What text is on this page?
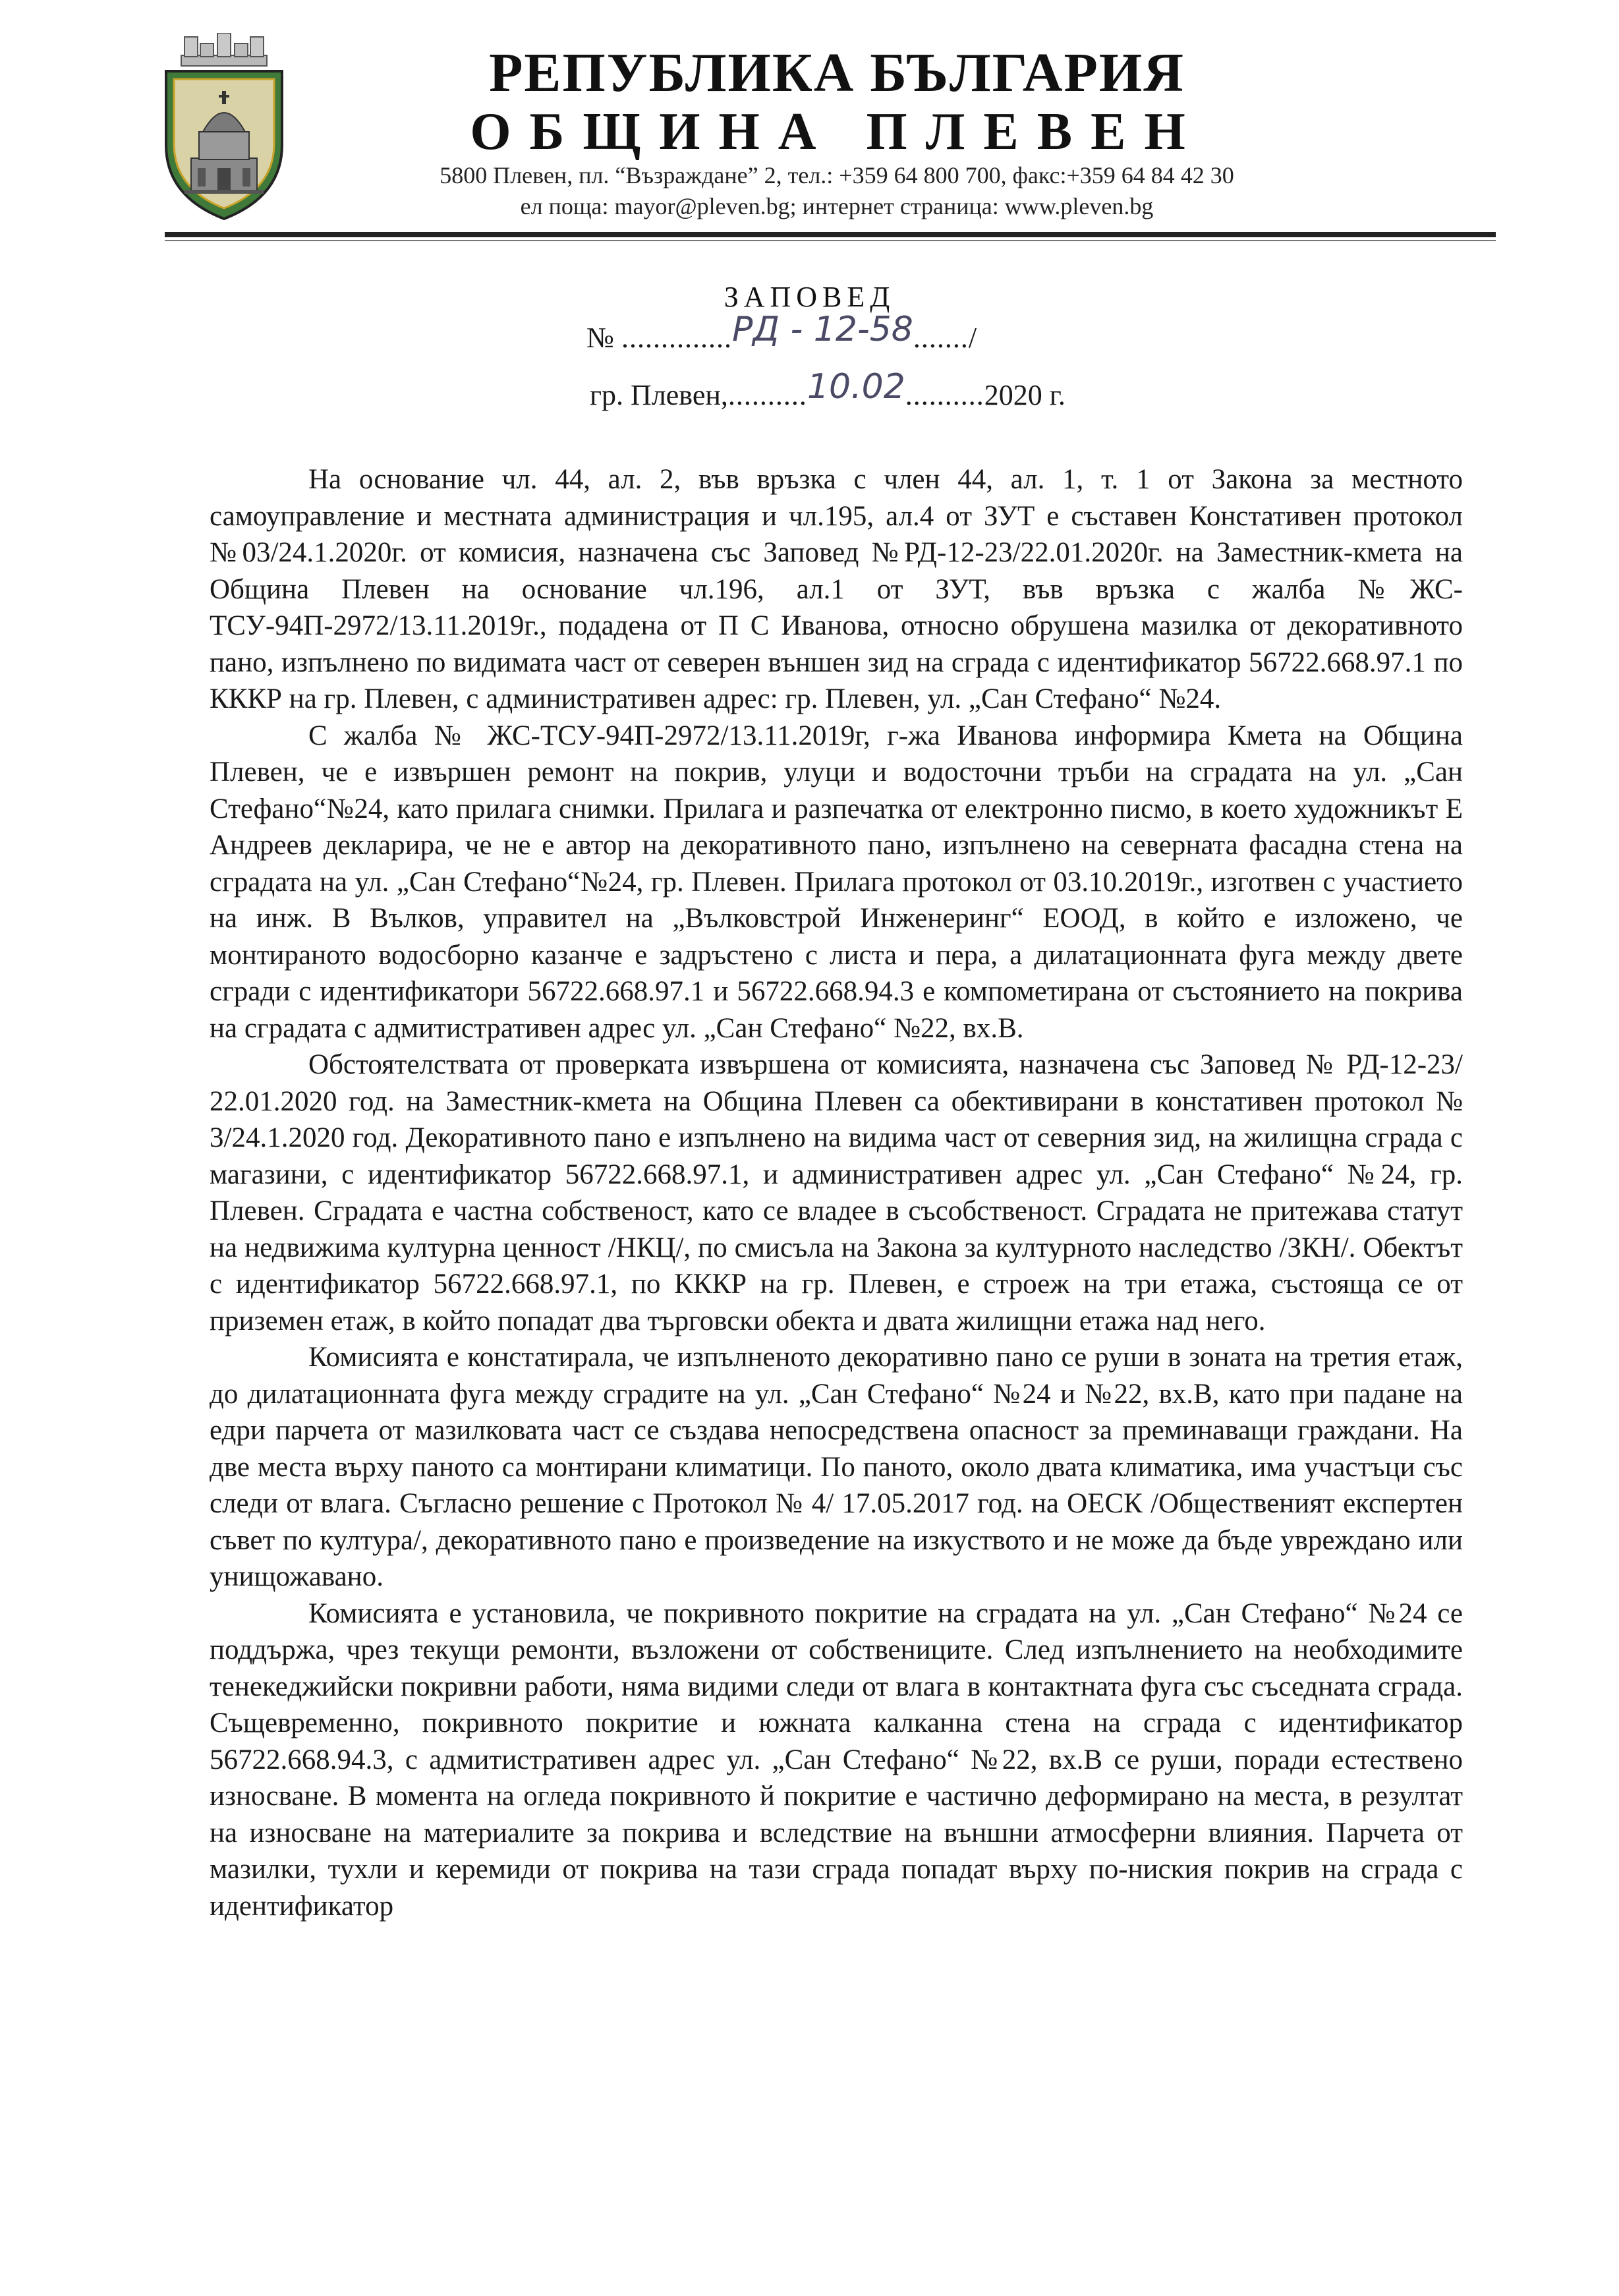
РЕПУБЛИКА БЪЛГАРИЯ
ОБЩИНА ПЛЕВЕН
5800 Плевен, пл. “Възраждане” 2, тел.: +359 64 800 700, факс:+359 64 84 42 30
ел поща: mayor@pleven.bg; интернет страница: www.pleven.bg
ЗАПОВЕД
№ ..............РД - 12-58......./
гр. Плевен,..........10.02..........2020 г.

На основание чл. 44, ал. 2, във връзка с член 44, ал. 1, т. 1 от Закона за местното самоуправление и местната администрация и чл.195, ал.4 от ЗУТ е съставен Констативен протокол №03/24.1.2020г. от комисия, назначена със Заповед №РД-12-23/22.01.2020г. на Заместник-кмета на Община Плевен на основание чл.196, ал.1 от ЗУТ, във връзка с жалба №ЖС-ТСУ-94П-2972/13.11.2019г., подадена от П С Иванова, относно обрушена мазилка от декоративното пано, изпълнено по видимата част от северен външен зид на сграда с идентификатор 56722.668.97.1 по КККР на гр. Плевен, с административен адрес: гр. Плевен, ул. „Сан Стефано“ №24.

С жалба № ЖС-ТСУ-94П-2972/13.11.2019г, г-жа Иванова информира Кмета на Община Плевен, че е извършен ремонт на покрив, улуци и водосточни тръби на сградата на ул. „Сан Стефано“№24, като прилага снимки. Прилага и разпечатка от електронно писмо, в което художникът Е Андреев декларира, че не е автор на декоративното пано, изпълнено на северната фасадна стена на сградата на ул. „Сан Стефано“№24, гр. Плевен. Прилага протокол от 03.10.2019г., изготвен с участието на инж. В Вълков, управител на „Вълковстрой Инженеринг“ ЕООД, в който е изложено, че монтираното водосборно казанче е задръстено с листа и пера, а дилатационната фуга между двете сгради с идентификатори 56722.668.97.1 и 56722.668.94.3 е компометирана от състоянието на покрива на сградата с адмитистративен адрес ул. „Сан Стефано“ №22, вх.В.

Обстоятелствата от проверката извършена от комисията, назначена със Заповед № РД-12-23/ 22.01.2020 год. на Заместник-кмета на Община Плевен са обективирани в констативен протокол № 3/24.1.2020 год. Декоративното пано е изпълнено на видима част от северния зид, на жилищна сграда с магазини, с идентификатор 56722.668.97.1, и административен адрес ул. „Сан Стефано“ №24, гр. Плевен. Сградата е частна собственост, като се владее в съсобственост. Сградата не притежава статут на недвижима културна ценност /НКЦ/, по смисъла на Закона за културното наследство /ЗКН/. Обектът с идентификатор 56722.668.97.1, по КККР на гр. Плевен, е строеж на три етажа, състояща се от приземен етаж, в който попадат два търговски обекта и двата жилищни етажа над него.

Комисията е констатирала, че изпълненото декоративно пано се руши в зоната на третия етаж, до дилатационната фуга между сградите на ул. „Сан Стефано“ №24 и №22, вх.В, като при падане на едри парчета от мазилковата част се създава непосредствена опасност за преминаващи граждани. На две места върху паното са монтирани климатици. По паното, около двата климатика, има участъци със следи от влага. Съгласно решение с Протокол № 4/ 17.05.2017 год. на ОЕСК /Общественият експертен съвет по култура/, декоративното пано е произведение на изкуството и не може да бъде увреждано или унищожавано.

Комисията е установила, че покривното покритие на сградата на ул. „Сан Стефано“ №24 се поддържа, чрез текущи ремонти, възложени от собствениците. След изпълнението на необходимите тенекеджийски покривни работи, няма видими следи от влага в контактната фуга със съседната сграда. Същевременно, покривното покритие и южната калканна стена на сграда с идентификатор 56722.668.94.3, с адмитистративен адрес ул. „Сан Стефано“ №22, вх.В се руши, поради естествено износване. В момента на огледа покривното й покритие е частично деформирано на места, в резултат на износване на материалите за покрива и вследствие на външни атмосферни влияния. Парчета от мазилки, тухли и керемиди от покрива на тази сграда попадат върху по-ниския покрив на сграда с идентификатор
